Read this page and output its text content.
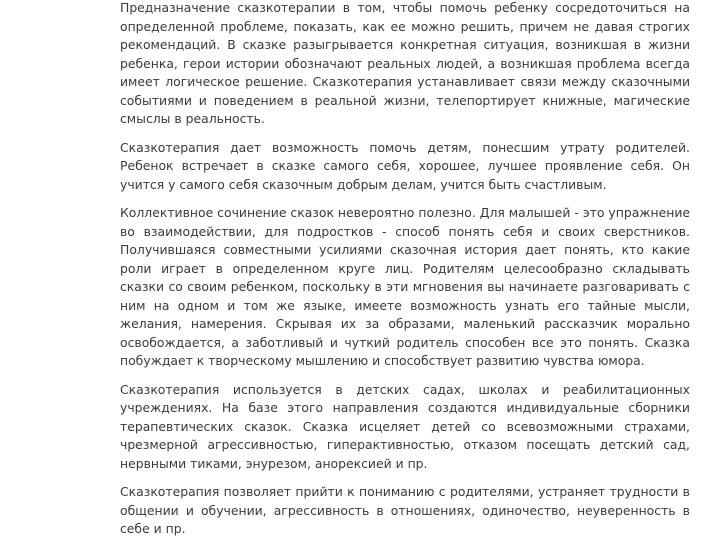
Предназначение сказкотерапии в том, чтобы помочь ребенку сосредоточиться на определенной проблеме, показать, как ее можно решить, причем не давая строгих рекомендаций. В сказке разыгрывается конкретная ситуация, возникшая в жизни ребенка, герои истории обозначают реальных людей, а возникшая проблема всегда имеет логическое решение. Сказкотерапия устанавливает связи между сказочными событиями и поведением в реальной жизни, телепортирует книжные, магические смыслы в реальность.

Сказкотерапия дает возможность помочь детям, понесшим утрату родителей. Ребенок встречает в сказке самого себя, хорошее, лучшее проявление себя. Он учится у самого себя сказочным добрым делам, учится быть счастливым.

Коллективное сочинение сказок невероятно полезно. Для малышей - это упражнение во взаимодействии, для подростков - способ понять себя и своих сверстников. Получившаяся совместными усилиями сказочная история дает понять, кто какие роли играет в определенном круге лиц. Родителям целесообразно складывать сказки со своим ребенком, поскольку в эти мгновения вы начинаете разговаривать с ним на одном и том же языке, имеете возможность узнать его тайные мысли, желания, намерения. Скрывая их за образами, маленький рассказчик морально освобождается, а заботливый и чуткий родитель способен все это понять. Сказка побуждает к творческому мышлению и способствует развитию чувства юмора.

Сказкотерапия используется в детских садах, школах и реабилитационных учреждениях. На базе этого направления создаются индивидуальные сборники терапевтических сказок. Сказка исцеляет детей со всевозможными страхами, чрезмерной агрессивностью, гиперактивностью, отказом посещать детский сад, нервными тиками, энурезом, анорексией и пр.

Сказкотерапия позволяет прийти к пониманию с родителями, устраняет трудности в общении и обучении, агрессивность в отношениях, одиночество, неуверенность в себе и пр.
